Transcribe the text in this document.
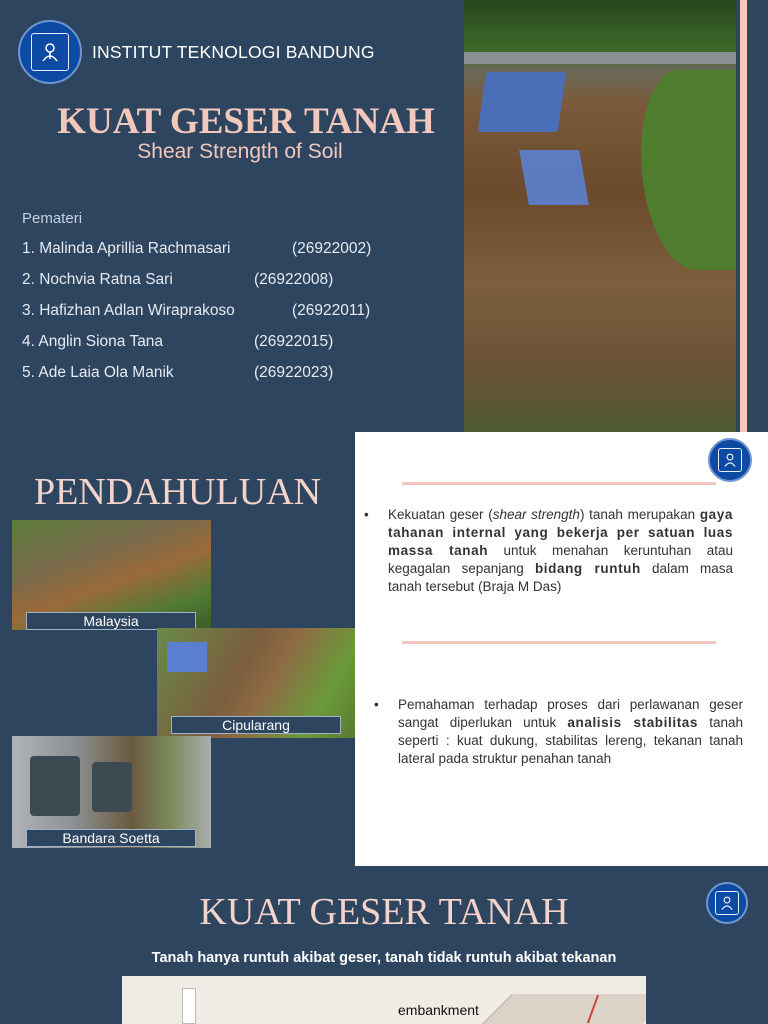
INSTITUT TEKNOLOGI BANDUNG
KUAT GESER TANAH
Shear Strength of Soil
Pemateri
1. Malinda Aprillia Rachmasari	(26922002)
2. Nochvia Ratna Sari	(26922008)
3. Hafizhan Adlan Wiraprakoso	(26922011)
4. Anglin Siona Tana	(26922015)
5. Ade Laia Ola Manik	(26922023)
PENDAHULUAN
Malaysia
Cipularang
Bandara Soetta
• Kekuatan geser (shear strength) tanah merupakan gaya tahanan internal yang bekerja per satuan luas massa tanah untuk menahan keruntuhan atau kegagalan sepanjang bidang runtuh dalam masa tanah tersebut (Braja M Das)
• Pemahaman terhadap proses dari perlawanan geser sangat diperlukan untuk analisis stabilitas tanah seperti : kuat dukung, stabilitas lereng, tekanan tanah lateral pada struktur penahan tanah
KUAT GESER TANAH
Tanah hanya runtuh akibat geser, tanah tidak runtuh akibat tekanan
embankment
